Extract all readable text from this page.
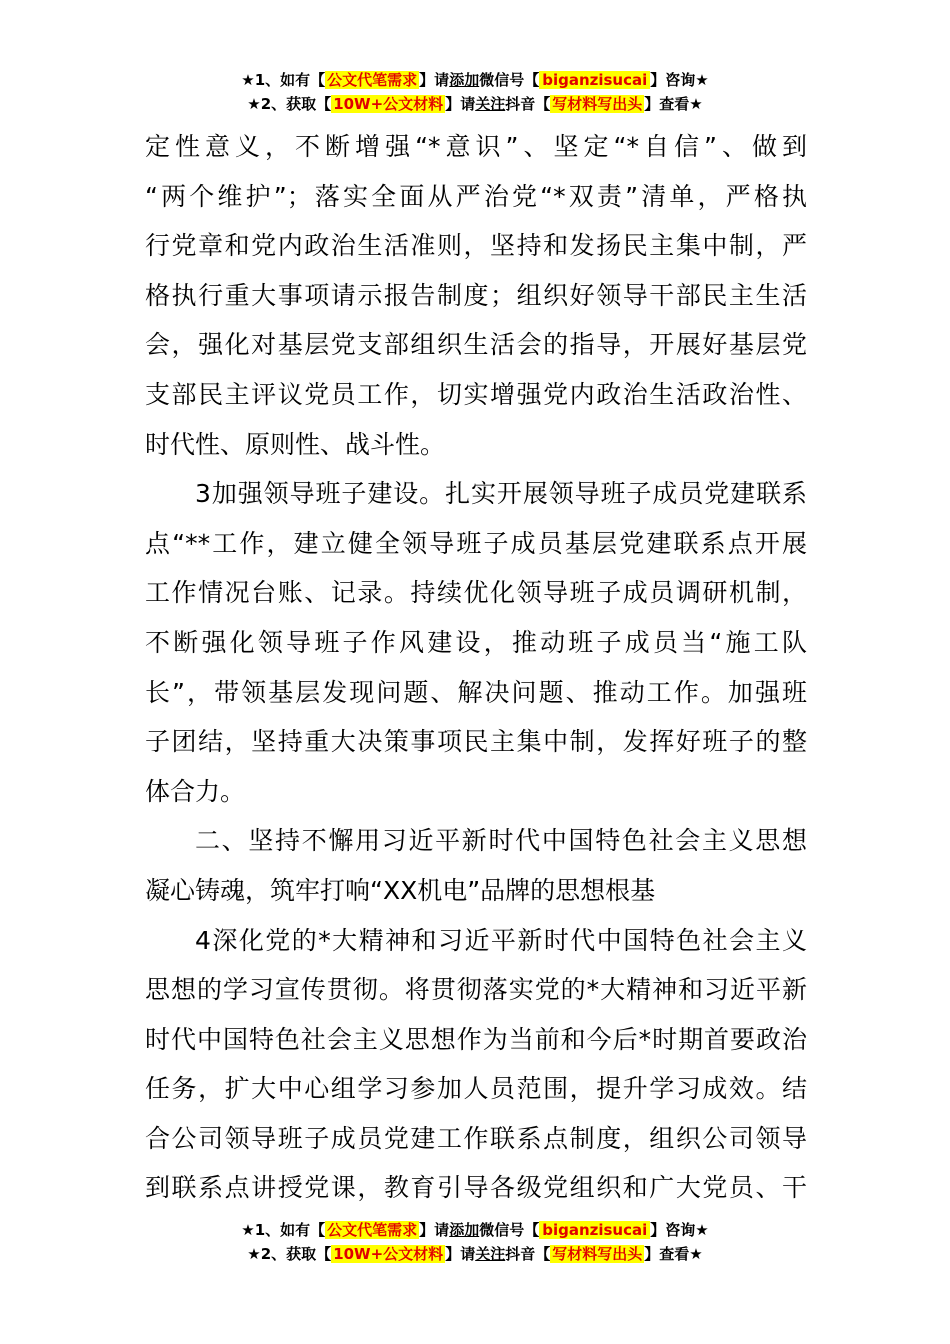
★1、如有【 公文代笔需求 】请添加微信号【 biganzisucai 】咨询★
★2、获取【 10W+公文材料 】请关注抖音【 写材料写出头 】查看★

定性意义，不断增强“*意识”、坚定“*自信”、做到

“两个维护”；落实全面从严治党“*双责”清单，严格执

行党章和党内政治生活准则，坚持和发扬民主集中制，严

格执行重大事项请示报告制度；组织好领导干部民主生活

会，强化对基层党支部组织生活会的指导，开展好基层党

支部民主评议党员工作，切实增强党内政治生活政治性、

时代性、原则性、战斗性。

3加强领导班子建设。扎实开展领导班子成员党建联系

点“**工作，建立健全领导班子成员基层党建联系点开展

工作情况台账、记录。持续优化领导班子成员调研机制，

不断强化领导班子作风建设，推动班子成员当“施工队

长”，带领基层发现问题、解决问题、推动工作。加强班

子团结，坚持重大决策事项民主集中制，发挥好班子的整

体合力。

二、坚持不懈用习近平新时代中国特色社会主义思想

凝心铸魂，筑牢打响“XX机电”品牌的思想根基

4深化党的*大精神和习近平新时代中国特色社会主义

思想的学习宣传贯彻。将贯彻落实党的*大精神和习近平新

时代中国特色社会主义思想作为当前和今后*时期首要政治

任务，扩大中心组学习参加人员范围，提升学习成效。结

合公司领导班子成员党建工作联系点制度，组织公司领导

到联系点讲授党课，教育引导各级党组织和广大党员、干

★1、如有【 公文代笔需求 】请添加微信号【 biganzisucai 】咨询★
★2、获取【 10W+公文材料 】请关注抖音【 写材料写出头 】查看★
